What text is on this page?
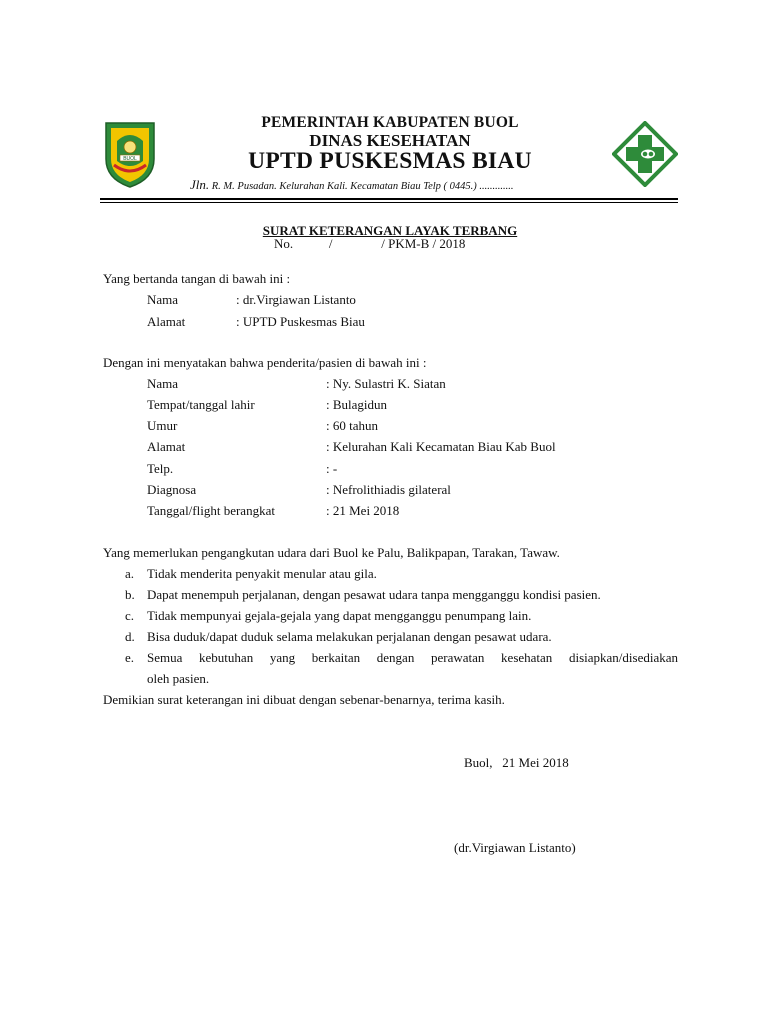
BUOL
PEMERINTAH KABUPATEN BUOL
DINAS KESEHATAN
UPTD PUSKESMAS BIAU
Jln. R. M. Pusadan. Kelurahan Kali. Kecamatan Biau Telp ( 0445.) .............
SURAT KETERANGAN LAYAK TERBANG
No.           /               / PKM-B / 2018
Yang bertanda tangan di bawah ini :
Nama	: dr.Virgiawan Listanto
Alamat	: UPTD Puskesmas Biau
Dengan ini menyatakan bahwa penderita/pasien di bawah ini :
Nama	: Ny. Sulastri K. Siatan
Tempat/tanggal lahir	: Bulagidun
Umur	: 60 tahun
Alamat	: Kelurahan Kali Kecamatan Biau Kab Buol
Telp.	: -
Diagnosa	: Nefrolithiadis gilateral
Tanggal/flight berangkat	: 21 Mei 2018
Yang memerlukan pengangkutan udara dari Buol ke Palu, Balikpapan, Tarakan, Tawaw.
a. Tidak menderita penyakit menular atau gila.
b. Dapat menempuh perjalanan, dengan pesawat udara tanpa mengganggu kondisi pasien.
c. Tidak mempunyai gejala-gejala yang dapat mengganggu penumpang lain.
d. Bisa duduk/dapat duduk selama melakukan perjalanan dengan pesawat udara.
e. Semua kebutuhan yang berkaitan dengan perawatan kesehatan disiapkan/disediakan
oleh pasien.
Demikian surat keterangan ini dibuat dengan sebenar-benarnya, terima kasih.
Buol,   21 Mei 2018
(dr.Virgiawan Listanto)
